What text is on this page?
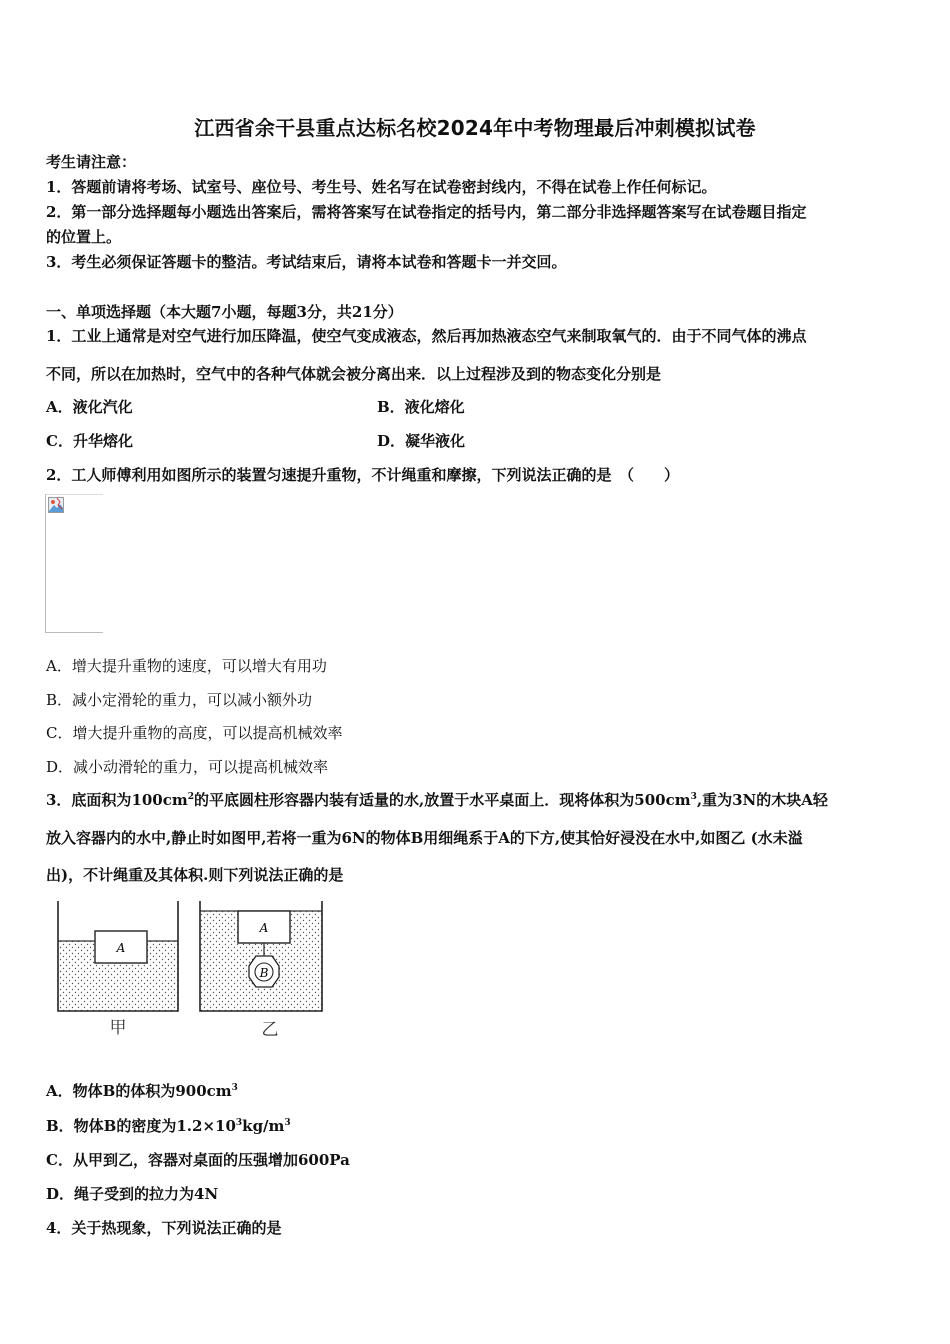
江西省余干县重点达标名校2024年中考物理最后冲刺模拟试卷
考生请注意：
1．答题前请将考场、试室号、座位号、考生号、姓名写在试卷密封线内，不得在试卷上作任何标记。
2．第一部分选择题每小题选出答案后，需将答案写在试卷指定的括号内，第二部分非选择题答案写在试卷题目指定
的位置上。
3．考生必须保证答题卡的整洁。考试结束后，请将本试卷和答题卡一并交回。
一、单项选择题（本大题7小题，每题3分，共21分）
1．工业上通常是对空气进行加压降温，使空气变成液态，然后再加热液态空气来制取氧气的．由于不同气体的沸点
不同，所以在加热时，空气中的各种气体就会被分离出来．以上过程涉及到的物态变化分别是
A．液化汽化	B．液化熔化
C．升华熔化	D．凝华液化
2．工人师傅利用如图所示的装置匀速提升重物，不计绳重和摩擦，下列说法正确的是　（　　）
A．增大提升重物的速度，可以增大有用功
B．减小定滑轮的重力，可以减小额外功
C．增大提升重物的高度，可以提高机械效率
D．减小动滑轮的重力，可以提高机械效率
3．底面积为$100cm^2$的平底圆柱形容器内装有适量的水,放置于水平桌面上．现将体积为$500cm^3$,重为3N的木块A轻
放入容器内的水中,静止时如图甲,若将一重为6N的物体B用细绳系于A的下方,使其恰好浸没在水中,如图乙 (水未溢
出)，不计绳重及其体积.则下列说法正确的是
A
甲
A
B
乙
A．物体B的体积为$900cm^3$
B．物体B的密度为$1.2\times 10^3kg/m^3$
C．从甲到乙，容器对桌面的压强增加600Pa
D．绳子受到的拉力为4N
4．关于热现象，下列说法正确的是
